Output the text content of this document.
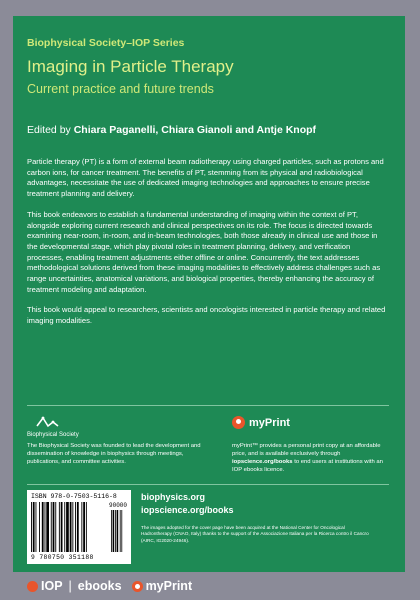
Biophysical Society–IOP Series
Imaging in Particle Therapy
Current practice and future trends
Edited by Chiara Paganelli, Chiara Gianoli and Antje Knopf

Particle therapy (PT) is a form of external beam radiotherapy using charged particles, such as protons and carbon ions, for cancer treatment. The benefits of PT, stemming from its physical and radiobiological advantages, necessitate the use of dedicated imaging technologies and approaches to ensure precise treatment planning and delivery.

This book endeavors to establish a fundamental understanding of imaging within the context of PT, alongside exploring current research and clinical perspectives on its role. The focus is directed towards examining near-room, in-room, and in-beam technologies, both those already in clinical use and those in the developmental stage, which play pivotal roles in treatment planning, delivery, and verification processes, enabling treatment adjustments either offline or online. Concurrently, the text addresses methodological solutions derived from these imaging modalities to effectively address challenges such as range uncertainties, anatomical variations, and biological properties, thereby enhancing the accuracy of treatment modeling and adaptation.

This book would appeal to researchers, scientists and oncologists interested in particle therapy and related imaging modalities.

Biophysical Society
The Biophysical Society was founded to lead the development and dissemination of knowledge in biophysics through meetings, publications, and committee activities.
myPrint
myPrint™ provides a personal print copy at an affordable price, and is available exclusively through iopscience.org/books to end users at institutions with an IOP ebooks licence.
ISBN 978-0-7503-5116-8
90000
9 780750 351188
biophysics.org
iopscience.org/books
The images adopted for the cover page have been acquired at the National Center for Oncological Hadrontherapy (CNAO, Italy) thanks to the support of the Associazione Italiana per la Ricerca contro il Cancro (AIRC, IG2020-24946).
IOP | ebooks myPrint
